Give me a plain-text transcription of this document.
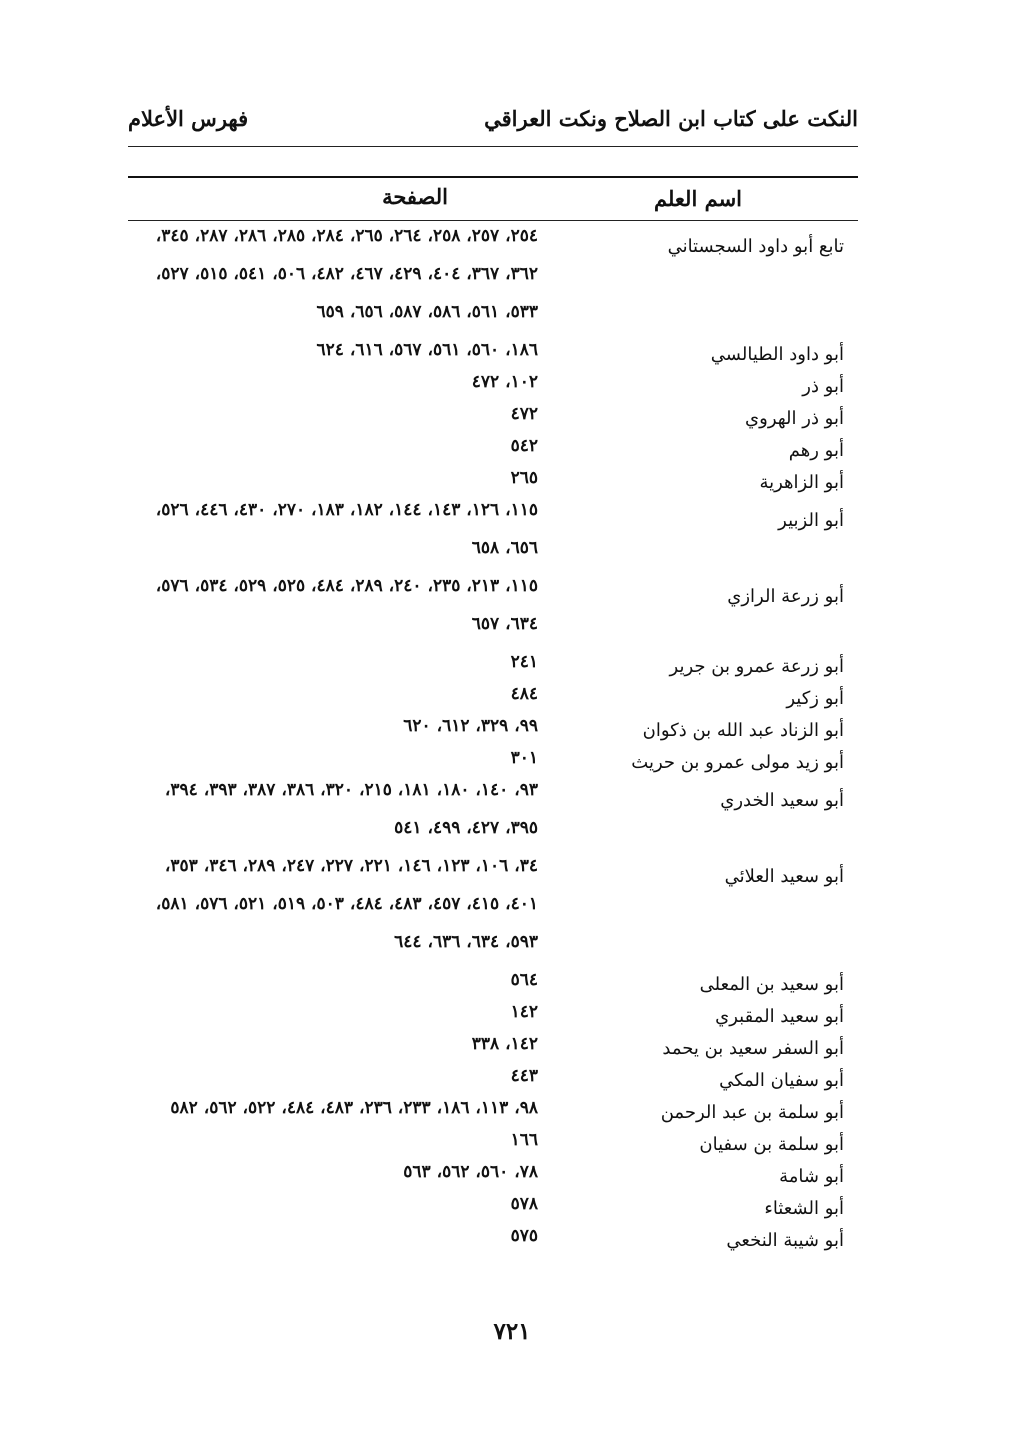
النكت على كتاب ابن الصلاح ونكت العراقي
فهرس الأعلام
اسم العلم
الصفحة
تابع أبو داود السجستاني
٢٥٤، ٢٥٧، ٢٥٨، ٢٦٤، ٢٦٥، ٢٨٤، ٢٨٥، ٢٨٦، ٢٨٧، ٣٤٥،
٣٦٢، ٣٦٧، ٤٠٤، ٤٢٩، ٤٦٧، ٤٨٢، ٥٠٦، ٥٤١، ٥١٥، ٥٢٧،
٥٣٣، ٥٦١، ٥٨٦، ٥٨٧، ٦٥٦، ٦٥٩
أبو داود الطيالسي
١٨٦، ٥٦٠، ٥٦١، ٥٦٧، ٦١٦، ٦٢٤
أبو ذر
١٠٢، ٤٧٢
أبو ذر الهروي
٤٧٢
أبو رهم
٥٤٢
أبو الزاهرية
٢٦٥
أبو الزبير
١١٥، ١٢٦، ١٤٣، ١٤٤، ١٨٢، ١٨٣، ٢٧٠، ٤٣٠، ٤٤٦، ٥٢٦،
٦٥٦، ٦٥٨
أبو زرعة الرازي
١١٥، ٢١٣، ٢٣٥، ٢٤٠، ٢٨٩، ٤٨٤، ٥٢٥، ٥٢٩، ٥٣٤، ٥٧٦،
٦٣٤، ٦٥٧
أبو زرعة عمرو بن جرير
٢٤١
أبو زكير
٤٨٤
أبو الزناد عبد الله بن ذكوان
٩٩، ٣٢٩، ٦١٢، ٦٢٠
أبو زيد مولى عمرو بن حريث
٣٠١
أبو سعيد الخدري
٩٣، ١٤٠، ١٨٠، ١٨١، ٢١٥، ٣٢٠، ٣٨٦، ٣٨٧، ٣٩٣، ٣٩٤،
٣٩٥، ٤٢٧، ٤٩٩، ٥٤١
أبو سعيد العلائي
٣٤، ١٠٦، ١٢٣، ١٤٦، ٢٢١، ٢٢٧، ٢٤٧، ٢٨٩، ٣٤٦، ٣٥٣،
٤٠١، ٤١٥، ٤٥٧، ٤٨٣، ٤٨٤، ٥٠٣، ٥١٩، ٥٢١، ٥٧٦، ٥٨١،
٥٩٣، ٦٣٤، ٦٣٦، ٦٤٤
أبو سعيد بن المعلى
٥٦٤
أبو سعيد المقبري
١٤٢
أبو السفر سعيد بن يحمد
١٤٢، ٣٣٨
أبو سفيان المكي
٤٤٣
أبو سلمة بن عبد الرحمن
٩٨، ١١٣، ١٨٦، ٢٣٣، ٢٣٦، ٤٨٣، ٤٨٤، ٥٢٢، ٥٦٢، ٥٨٢
أبو سلمة بن سفيان
١٦٦
أبو شامة
٧٨، ٥٦٠، ٥٦٢، ٥٦٣
أبو الشعثاء
٥٧٨
أبو شيبة النخعي
٥٧٥
٧٢١
